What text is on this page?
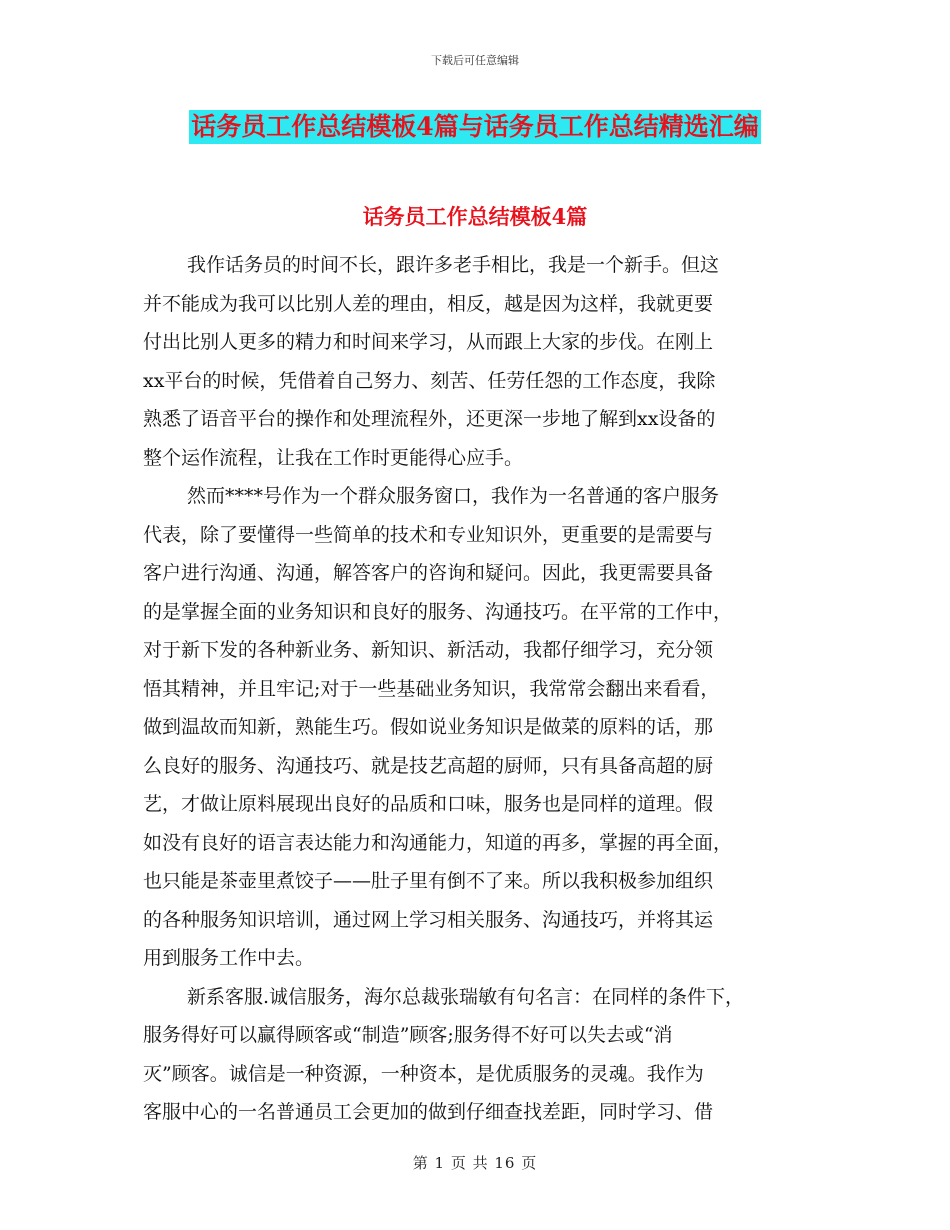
下载后可任意编辑
话务员工作总结模板4篇与话务员工作总结精选汇编
话务员工作总结模板4篇
我作话务员的时间不长，跟许多老手相比，我是一个新手。但这
并不能成为我可以比别人差的理由，相反，越是因为这样，我就更要
付出比别人更多的精力和时间来学习，从而跟上大家的步伐。在刚上
xx平台的时候，凭借着自己努力、刻苦、任劳任怨的工作态度，我除
熟悉了语音平台的操作和处理流程外，还更深一步地了解到xx设备的
整个运作流程，让我在工作时更能得心应手。
然而****号作为一个群众服务窗口，我作为一名普通的客户服务
代表，除了要懂得一些简单的技术和专业知识外，更重要的是需要与
客户进行沟通、沟通，解答客户的咨询和疑问。因此，我更需要具备
的是掌握全面的业务知识和良好的服务、沟通技巧。在平常的工作中，
对于新下发的各种新业务、新知识、新活动，我都仔细学习，充分领
悟其精神，并且牢记;对于一些基础业务知识，我常常会翻出来看看，
做到温故而知新，熟能生巧。假如说业务知识是做菜的原料的话，那
么良好的服务、沟通技巧、就是技艺高超的厨师，只有具备高超的厨
艺，才做让原料展现出良好的品质和口味，服务也是同样的道理。假
如没有良好的语言表达能力和沟通能力，知道的再多，掌握的再全面，
也只能是茶壶里煮饺子——肚子里有倒不了来。所以我积极参加组织
的各种服务知识培训，通过网上学习相关服务、沟通技巧，并将其运
用到服务工作中去。
新系客服.诚信服务，海尔总裁张瑞敏有句名言：在同样的条件下，
服务得好可以赢得顾客或“制造”顾客;服务得不好可以失去或“消
灭”顾客。诚信是一种资源，一种资本，是优质服务的灵魂。我作为
客服中心的一名普通员工会更加的做到仔细查找差距，同时学习、借
第 1 页 共 16 页
